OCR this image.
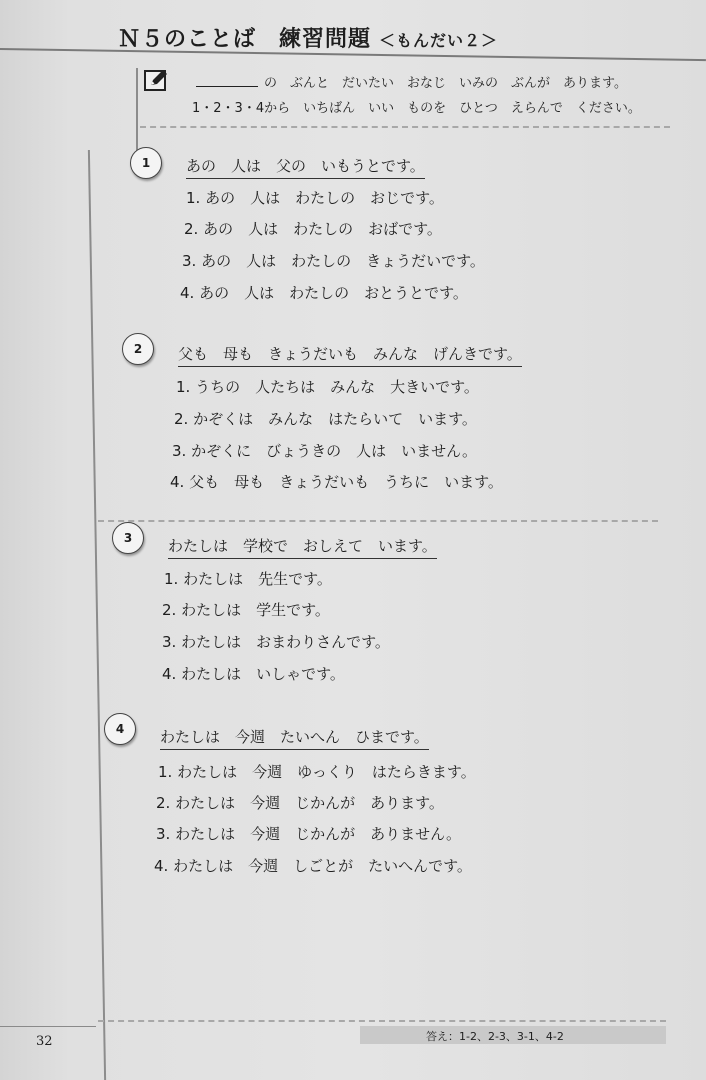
Ｎ５のことば　練習問題 ＜もんだい２＞
の　ぶんと　だいたい　おなじ　いみの　ぶんが　あります。
1・2・3・4から　いちばん　いい　ものを　ひとつ　えらんで　ください。
1	あの　人は　父の　いもうとです。
1. あの　人は　わたしの　おじです。
2. あの　人は　わたしの　おばです。
3. あの　人は　わたしの　きょうだいです。
4. あの　人は　わたしの　おとうとです。
2	父も　母も　きょうだいも　みんな　げんきです。
1. うちの　人たちは　みんな　大きいです。
2. かぞくは　みんな　はたらいて　います。
3. かぞくに　びょうきの　人は　いません。
4. 父も　母も　きょうだいも　うちに　います。
3	わたしは　学校で　おしえて　います。
1. わたしは　先生です。
2. わたしは　学生です。
3. わたしは　おまわりさんです。
4. わたしは　いしゃです。
4	わたしは　今週　たいへん　ひまです。
1. わたしは　今週　ゆっくり　はたらきます。
2. わたしは　今週　じかんが　あります。
3. わたしは　今週　じかんが　ありません。
4. わたしは　今週　しごとが　たいへんです。
答え：1-2、2-3、3-1、4-2
32
